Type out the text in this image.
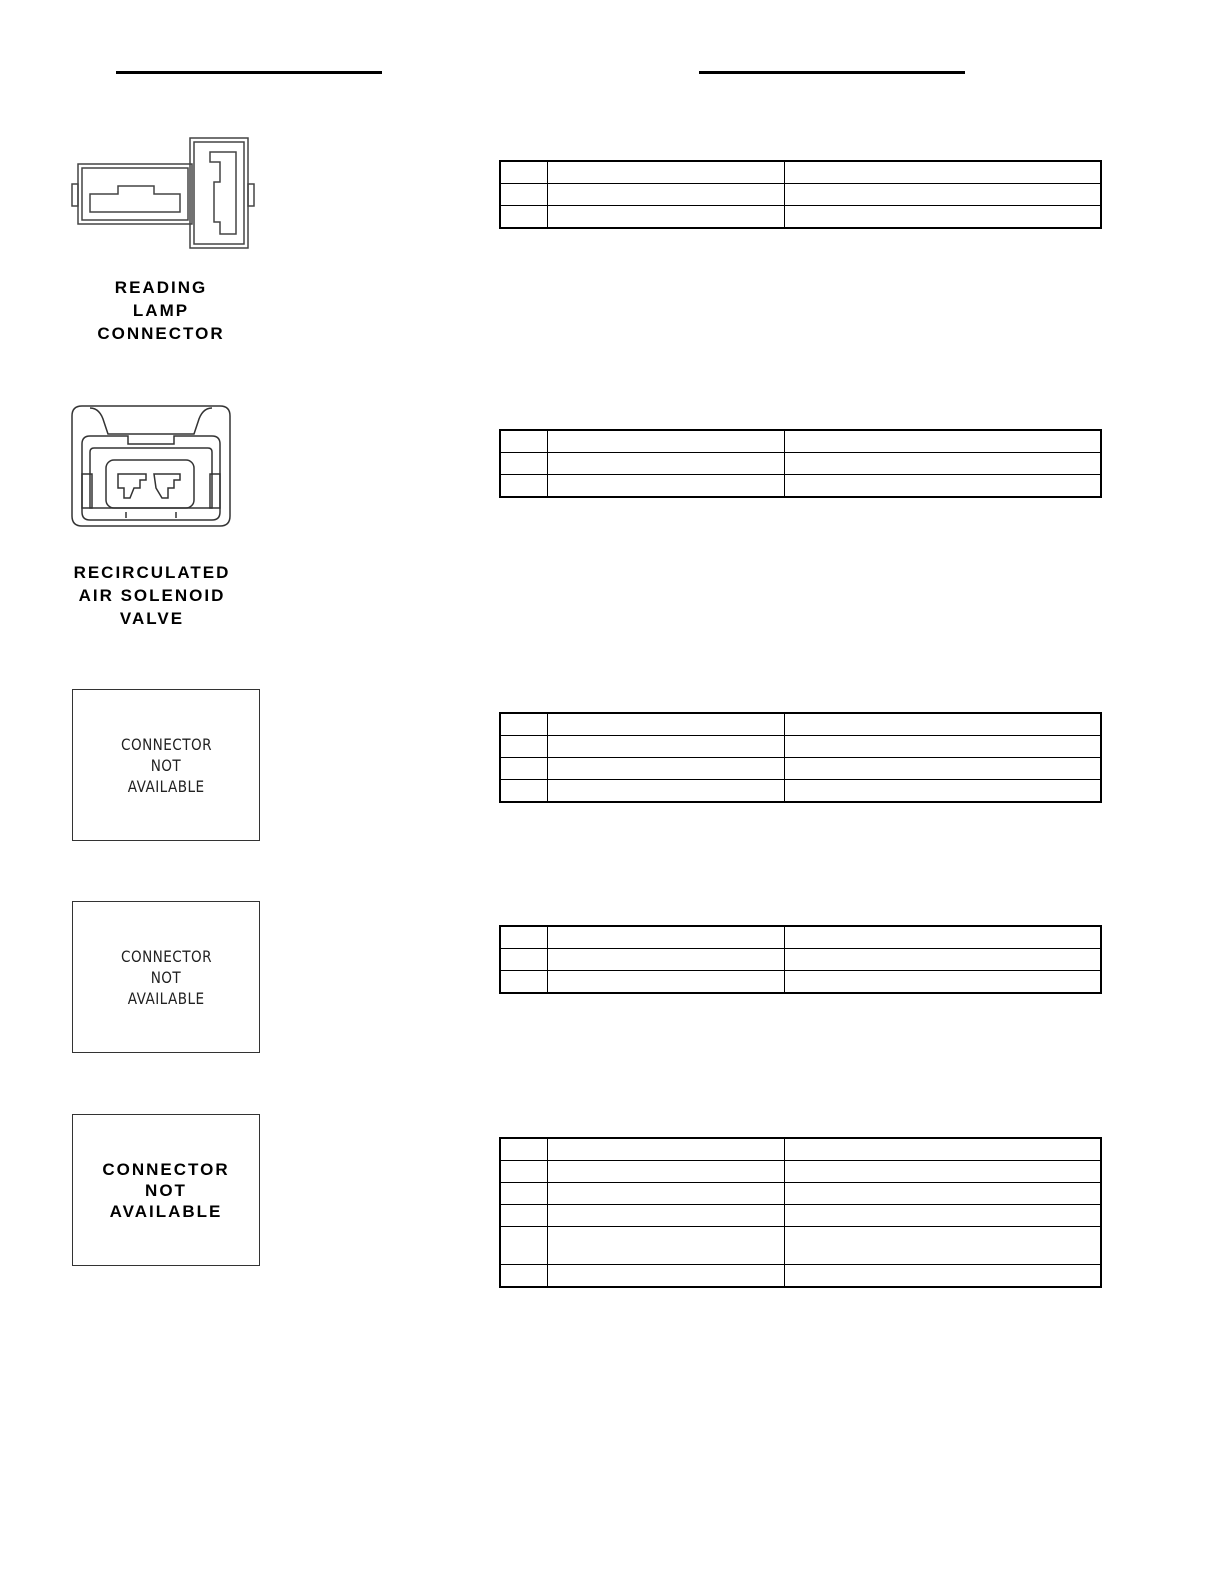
READING
LAMP
CONNECTOR

RECIRCULATED
AIR SOLENOID
VALVE

CONNECTOR
NOT
AVAILABLE

CONNECTOR
NOT
AVAILABLE

CONNECTOR
NOT
AVAILABLE
